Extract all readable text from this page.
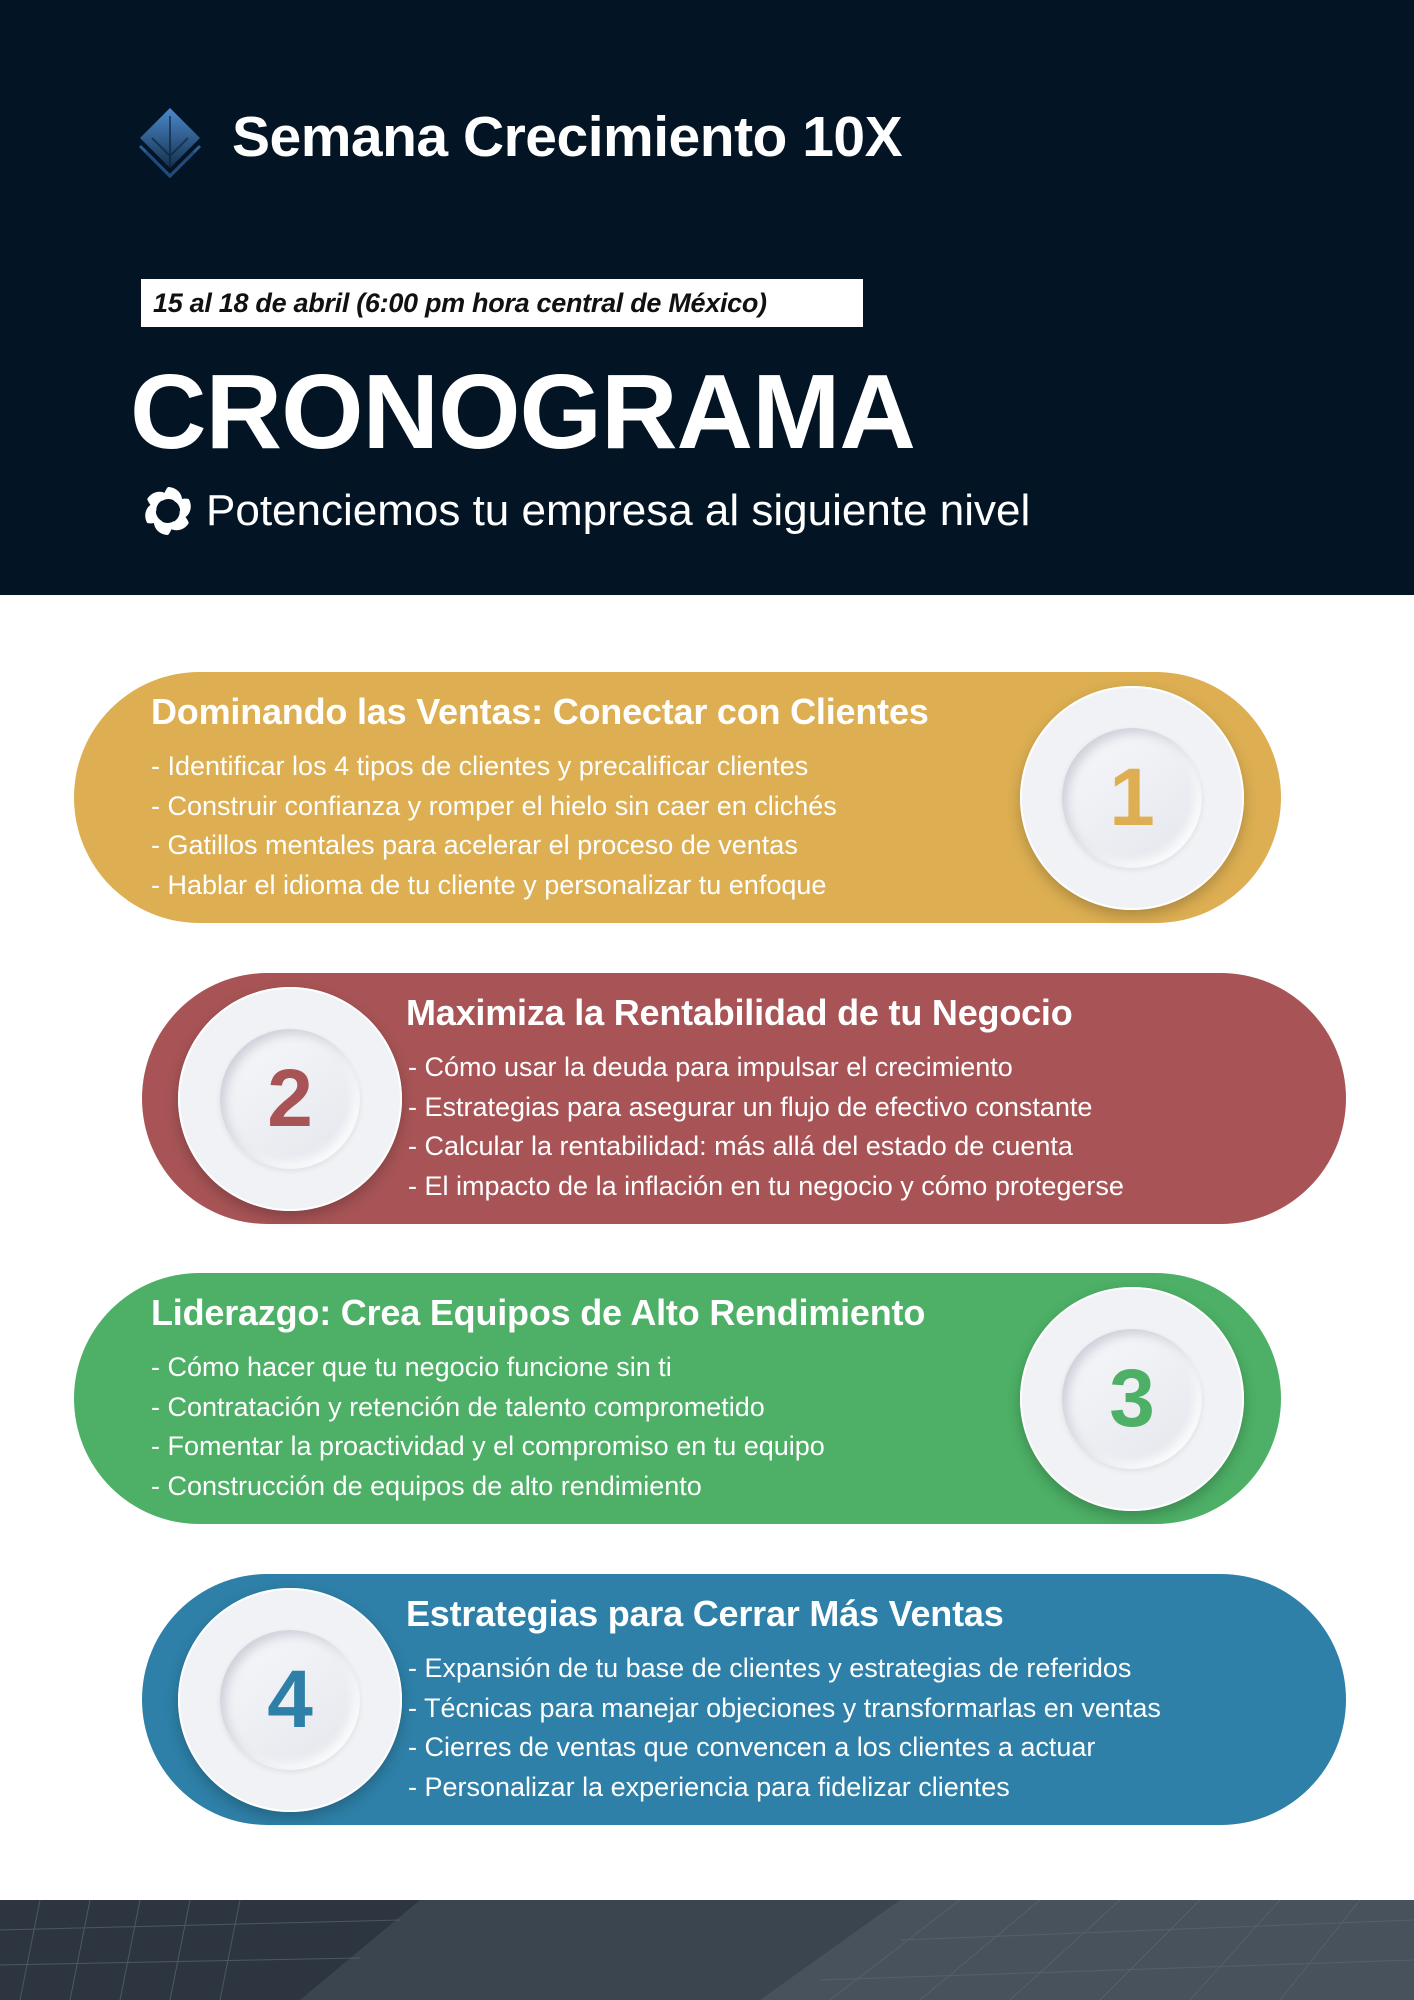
Semana Crecimiento 10X
15 al 18 de abril (6:00 pm hora central de México)
CRONOGRAMA
Potenciemos tu empresa al siguiente nivel
Dominando las Ventas: Conectar con Clientes
- Identificar los 4 tipos de clientes y precalificar clientes
- Construir confianza y romper el hielo sin caer en clichés
- Gatillos mentales para acelerar el proceso de ventas
- Hablar el idioma de tu cliente y personalizar tu enfoque
1
2
Maximiza la Rentabilidad de tu Negocio
- Cómo usar la deuda para impulsar el crecimiento
- Estrategias para asegurar un flujo de efectivo constante
- Calcular la rentabilidad: más allá del estado de cuenta
- El impacto de la inflación en tu negocio y cómo protegerse
Liderazgo: Crea Equipos de Alto Rendimiento
- Cómo hacer que tu negocio funcione sin ti
- Contratación y retención de talento comprometido
- Fomentar la proactividad y el compromiso en tu equipo
- Construcción de equipos de alto rendimiento
3
4
Estrategias para Cerrar Más Ventas
- Expansión de tu base de clientes y estrategias de referidos
- Técnicas para manejar objeciones y transformarlas en ventas
- Cierres de ventas que convencen a los clientes a actuar
- Personalizar la experiencia para fidelizar clientes
